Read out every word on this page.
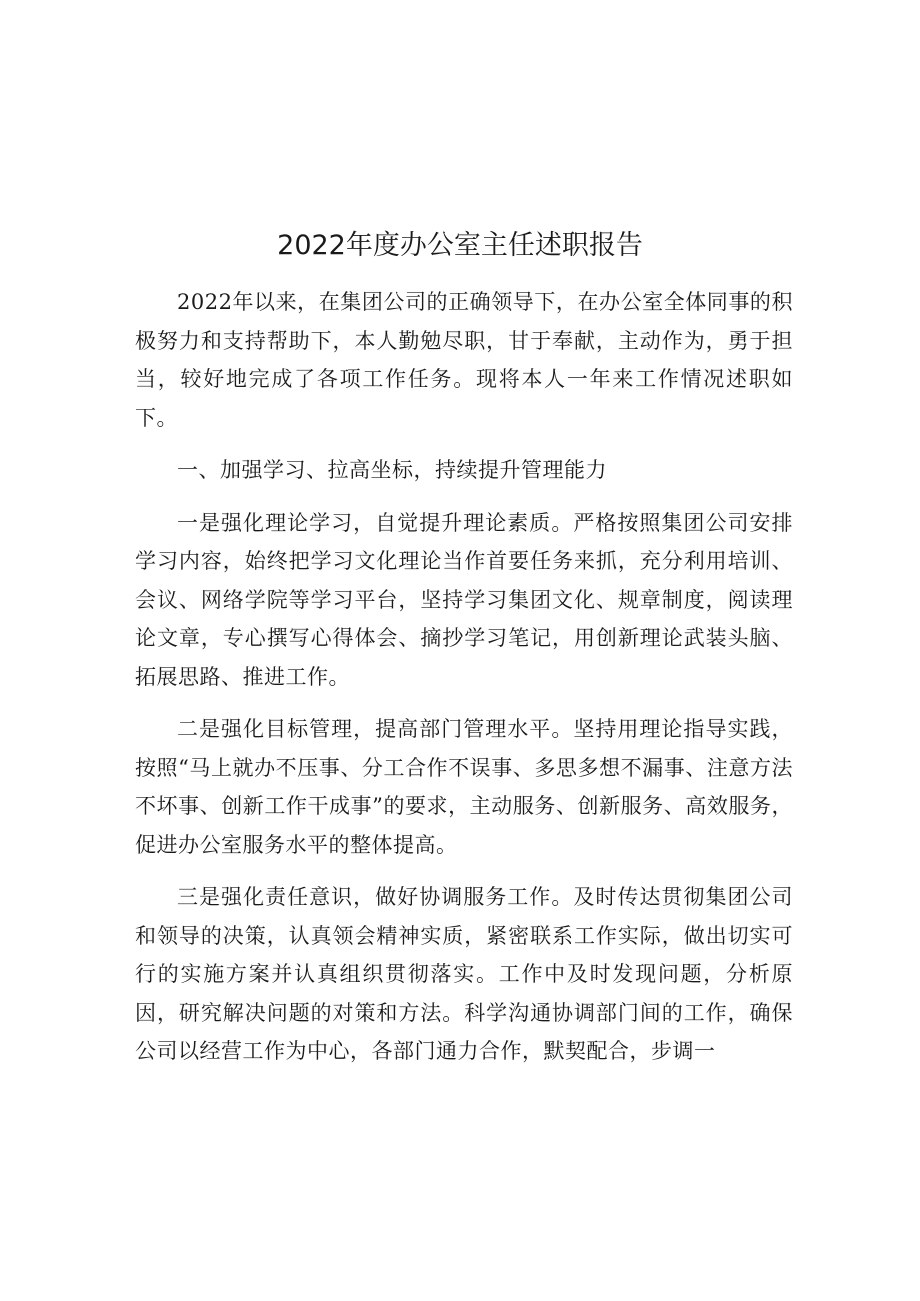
2022年度办公室主任述职报告

2022年以来，在集团公司的正确领导下，在办公室全体同事的积极努力和支持帮助下，本人勤勉尽职，甘于奉献，主动作为，勇于担当，较好地完成了各项工作任务。现将本人一年来工作情况述职如下。

一、加强学习、拉高坐标，持续提升管理能力

一是强化理论学习，自觉提升理论素质。严格按照集团公司安排学习内容，始终把学习文化理论当作首要任务来抓，充分利用培训、会议、网络学院等学习平台，坚持学习集团文化、规章制度，阅读理论文章，专心撰写心得体会、摘抄学习笔记，用创新理论武装头脑、拓展思路、推进工作。

二是强化目标管理，提高部门管理水平。坚持用理论指导实践，按照“马上就办不压事、分工合作不误事、多思多想不漏事、注意方法不坏事、创新工作干成事”的要求，主动服务、创新服务、高效服务，促进办公室服务水平的整体提高。

三是强化责任意识，做好协调服务工作。及时传达贯彻集团公司和领导的决策，认真领会精神实质，紧密联系工作实际，做出切实可行的实施方案并认真组织贯彻落实。工作中及时发现问题，分析原因，研究解决问题的对策和方法。科学沟通协调部门间的工作，确保公司以经营工作为中心，各部门通力合作，默契配合，步调一
